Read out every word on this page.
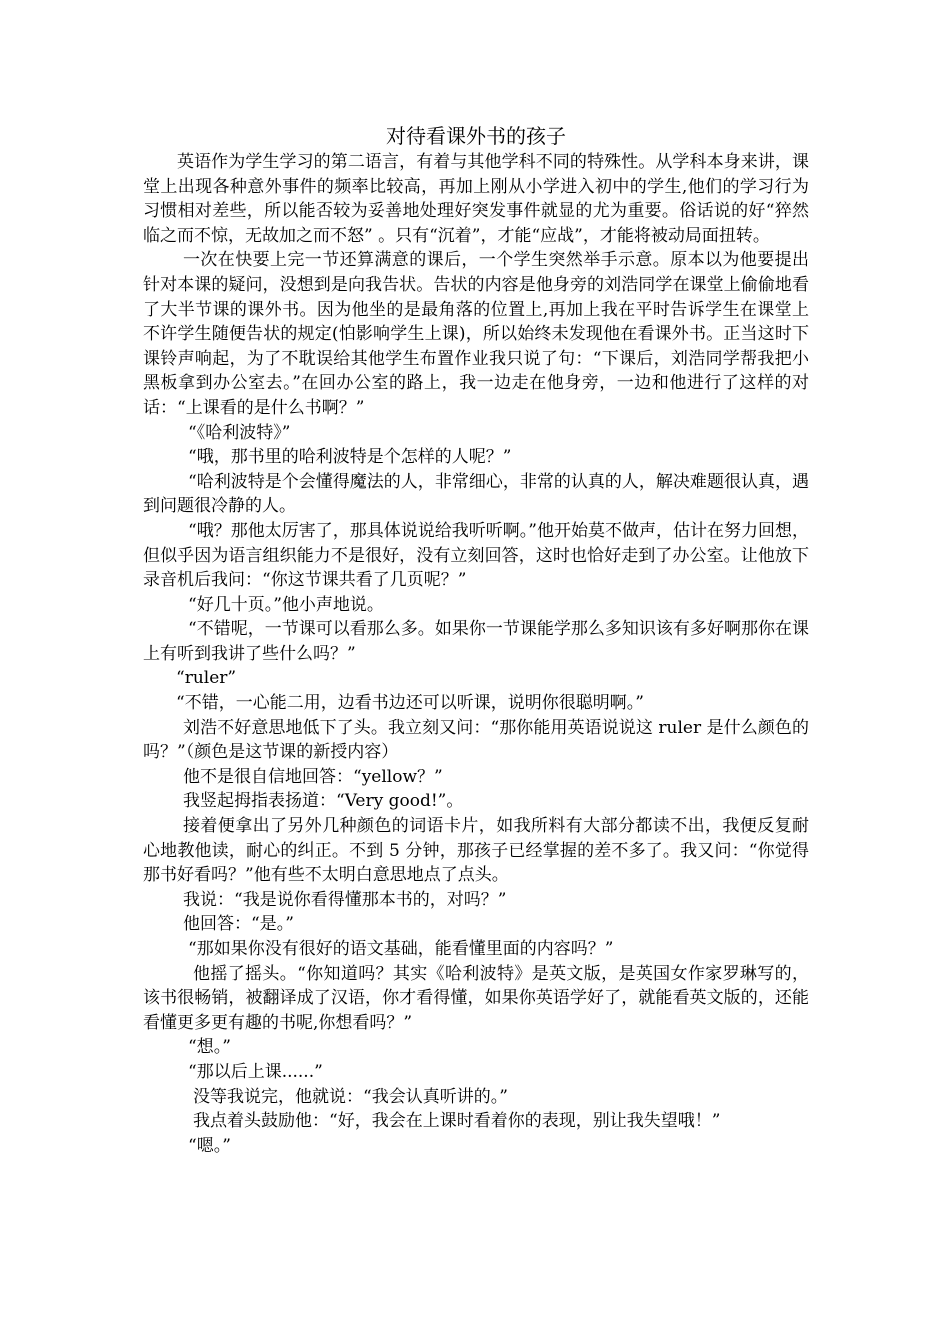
对待看课外书的孩子

英语作为学生学习的第二语言，有着与其他学科不同的特殊性。从学科本身来讲，课堂上出现各种意外事件的频率比较高，再加上刚从小学进入初中的学生,他们的学习行为习惯相对差些，所以能否较为妥善地处理好突发事件就显的尤为重要。俗话说的好“猝然临之而不惊，无故加之而不怒” 。只有“沉着”，才能“应战”，才能将被动局面扭转。

一次在快要上完一节还算满意的课后，一个学生突然举手示意。原本以为他要提出针对本课的疑问，没想到是向我告状。告状的内容是他身旁的刘浩同学在课堂上偷偷地看了大半节课的课外书。因为他坐的是最角落的位置上,再加上我在平时告诉学生在课堂上不许学生随便告状的规定(怕影响学生上课)，所以始终未发现他在看课外书。正当这时下课铃声响起，为了不耽误给其他学生布置作业我只说了句：“下课后，刘浩同学帮我把小黑板拿到办公室去。”在回办公室的路上，我一边走在他身旁，一边和他进行了这样的对话：“上课看的是什么书啊？”

“《哈利波特》”

“哦，那书里的哈利波特是个怎样的人呢？”

“哈利波特是个会懂得魔法的人，非常细心，非常的认真的人，解决难题很认真，遇到问题很冷静的人。

“哦？那他太厉害了，那具体说说给我听听啊。”他开始莫不做声，估计在努力回想，但似乎因为语言组织能力不是很好，没有立刻回答，这时也恰好走到了办公室。让他放下录音机后我问：“你这节课共看了几页呢？”

“好几十页。”他小声地说。

“不错呢，一节课可以看那么多。如果你一节课能学那么多知识该有多好啊那你在课上有听到我讲了些什么吗？”

“ruler”

“不错，一心能二用，边看书边还可以听课，说明你很聪明啊。”

刘浩不好意思地低下了头。我立刻又问：“那你能用英语说说这 ruler 是什么颜色的吗？”（颜色是这节课的新授内容）

他不是很自信地回答：“yellow？”

我竖起拇指表扬道：“Very good!”。

接着便拿出了另外几种颜色的词语卡片，如我所料有大部分都读不出，我便反复耐心地教他读，耐心的纠正。不到 5 分钟，那孩子已经掌握的差不多了。我又问：“你觉得那书好看吗？”他有些不太明白意思地点了点头。

我说：“我是说你看得懂那本书的，对吗？”

他回答：“是。”

“那如果你没有很好的语文基础，能看懂里面的内容吗？”

他摇了摇头。“你知道吗？其实《哈利波特》是英文版，是英国女作家罗琳写的，该书很畅销，被翻译成了汉语，你才看得懂，如果你英语学好了，就能看英文版的，还能看懂更多更有趣的书呢,你想看吗？”

“想。”

“那以后上课......”

没等我说完，他就说：“我会认真听讲的。”

我点着头鼓励他：“好，我会在上课时看着你的表现，别让我失望哦！”

“嗯。”
